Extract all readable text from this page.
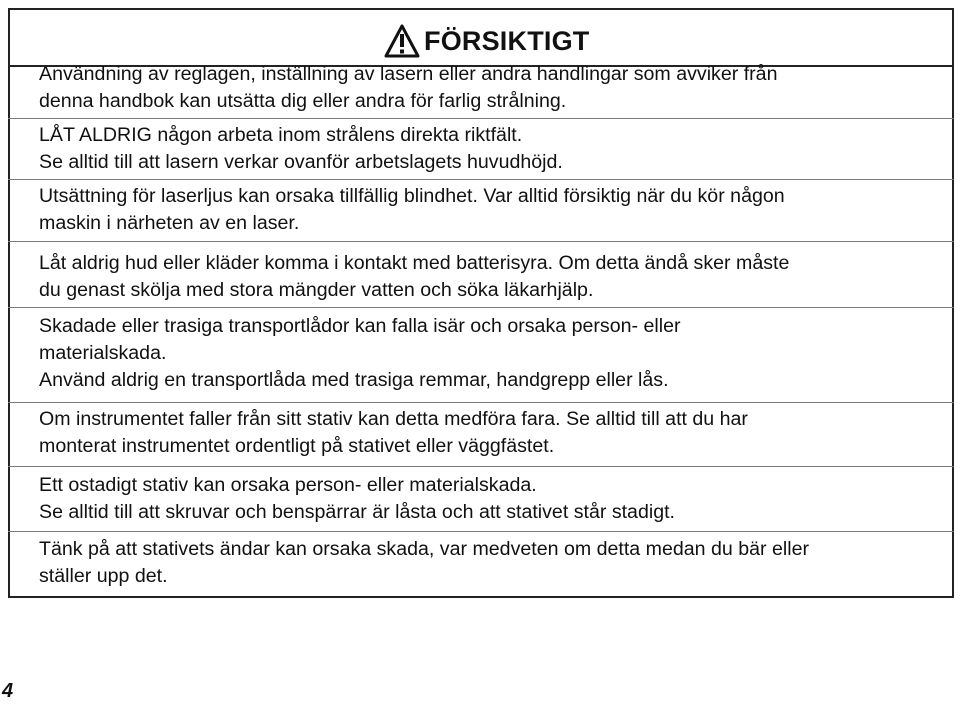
FÖRSIKTIGT

Användning av reglagen, inställning av lasern eller andra handlingar som avviker från

denna handbok kan utsätta dig eller andra för farlig strålning.

LÅT ALDRIG någon arbeta inom strålens direkta riktfält.

Se alltid till att lasern verkar ovanför arbetslagets huvudhöjd.

Utsättning för laserljus kan orsaka tillfällig blindhet. Var alltid försiktig när du kör någon

maskin i närheten av en laser.

Låt aldrig hud eller kläder komma i kontakt med batterisyra. Om detta ändå sker måste

du genast skölja med stora mängder vatten och söka läkarhjälp.

Skadade eller trasiga transportlådor kan falla isär och orsaka person- eller

materialskada.

Använd aldrig en transportlåda med trasiga remmar, handgrepp eller lås.

Om instrumentet faller från sitt stativ kan detta medföra fara. Se alltid till att du har

monterat instrumentet ordentligt på stativet eller väggfästet.

Ett ostadigt stativ kan orsaka person- eller materialskada.

Se alltid till att skruvar och benspärrar är låsta och att stativet står stadigt.

Tänk på att stativets ändar kan orsaka skada, var medveten om detta medan du bär eller

ställer upp det.

4
